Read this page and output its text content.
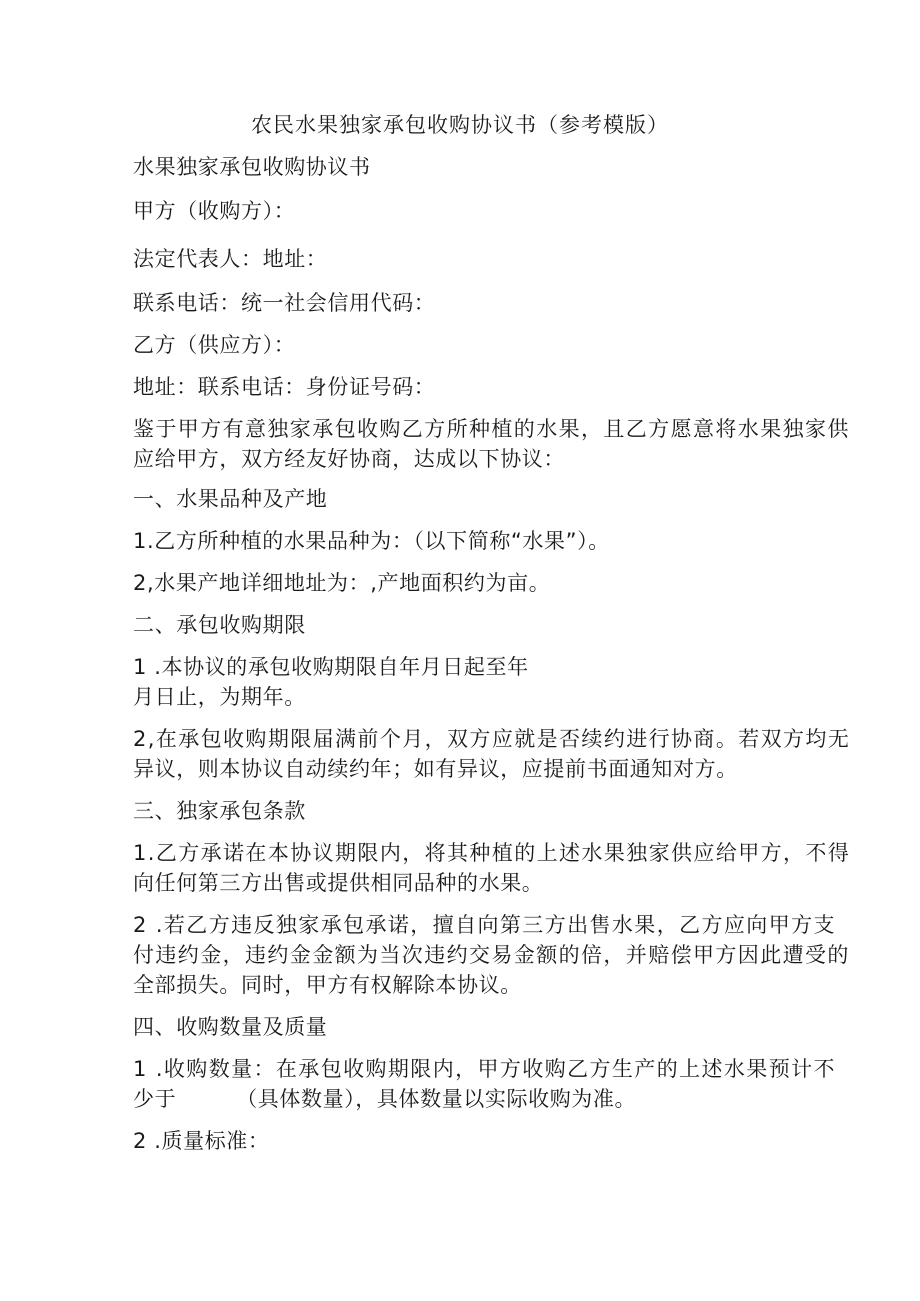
农民水果独家承包收购协议书（参考模版）
水果独家承包收购协议书
甲方（收购方）：
法定代表人：地址：
联系电话：统一社会信用代码：
乙方（供应方）：
地址：联系电话：身份证号码：
鉴于甲方有意独家承包收购乙方所种植的水果，且乙方愿意将水果独家供
应给甲方，双方经友好协商，达成以下协议：
一、水果品种及产地
1.乙方所种植的水果品种为：（以下简称“水果”）。
2,水果产地详细地址为：,产地面积约为亩。
二、承包收购期限
1 .本协议的承包收购期限自年月日起至年
月日止，为期年。
2,在承包收购期限届满前个月，双方应就是否续约进行协商。若双方均无
异议，则本协议自动续约年；如有异议，应提前书面通知对方。
三、独家承包条款
1.乙方承诺在本协议期限内，将其种植的上述水果独家供应给甲方，不得
向任何第三方出售或提供相同品种的水果。
2 .若乙方违反独家承包承诺，擅自向第三方出售水果，乙方应向甲方支
付违约金，违约金金额为当次违约交易金额的倍，并赔偿甲方因此遭受的
全部损失。同时，甲方有权解除本协议。
四、收购数量及质量
1 .收购数量：在承包收购期限内，甲方收购乙方生产的上述水果预计不
少于	（具体数量），具体数量以实际收购为准。
2 .质量标准：
